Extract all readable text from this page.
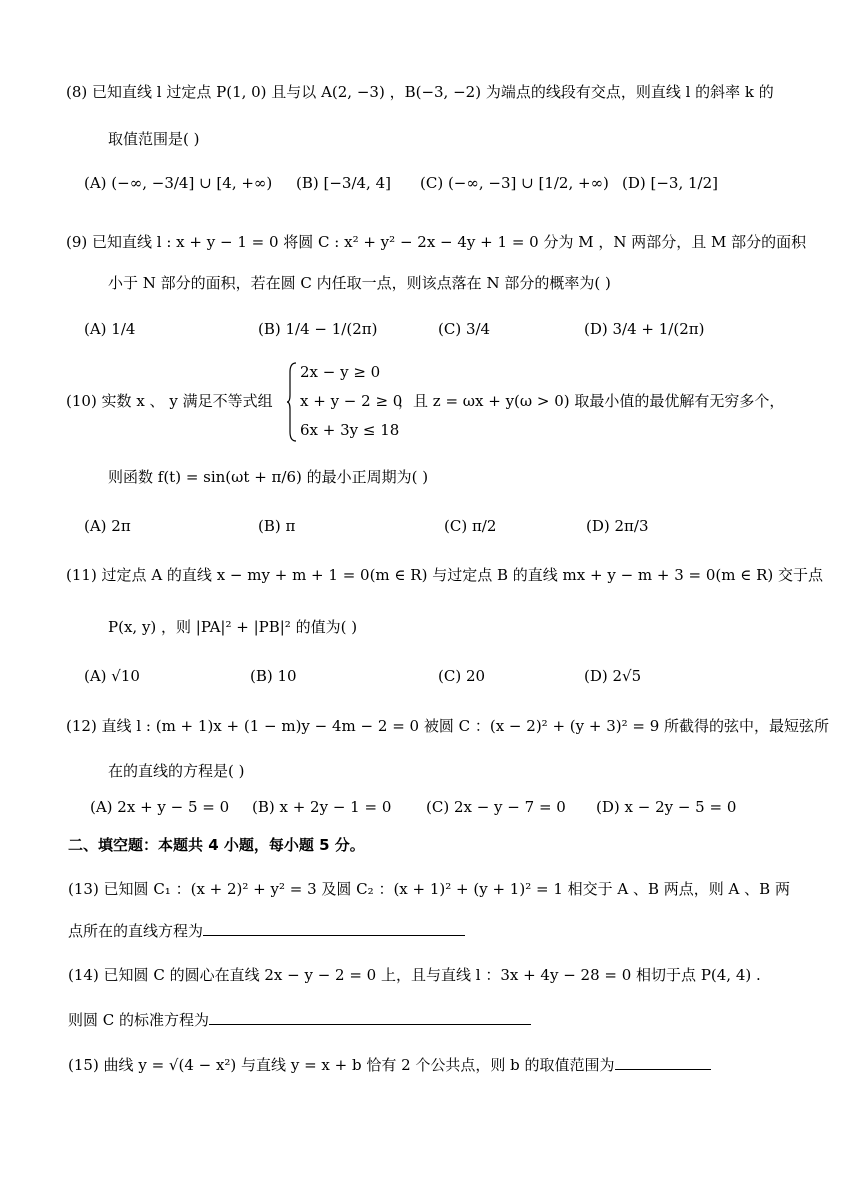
(8) 已知直线 l 过定点 P(1, 0) 且与以 A(2, −3) ，B(−3, −2) 为端点的线段有交点，则直线 l 的斜率 k 的
取值范围是( )
(A) (−∞, −3/4] ∪ [4, +∞) (B) [−3/4, 4] (C) (−∞, −3] ∪ [1/2, +∞) (D) [−3, 1/2]
(9) 已知直线 l : x + y − 1 = 0 将圆 C : x² + y² − 2x − 4y + 1 = 0 分为 M ，N 两部分，且 M 部分的面积
小于 N 部分的面积，若在圆 C 内任取一点，则该点落在 N 部分的概率为( )
(A) 1/4	(B) 1/4 − 1/(2π)	(C) 3/4	(D) 3/4 + 1/(2π)
(10) 实数 x 、 y 满足不等式组
2x − y ≥ 0
x + y − 2 ≥ 0
6x + 3y ≤ 18
，且 z = ωx + y(ω > 0) 取最小值的最优解有无穷多个，
则函数 f(t) = sin(ωt + π/6) 的最小正周期为( )
(A) 2π	(B) π	(C) π/2	(D) 2π/3
(11) 过定点 A 的直线 x − my + m + 1 = 0(m ∈ R) 与过定点 B 的直线 mx + y − m + 3 = 0(m ∈ R) 交于点
P(x, y) ，则 |PA|² + |PB|² 的值为( )
(A) √10	(B) 10	(C) 20	(D) 2√5
(12) 直线 l : (m + 1)x + (1 − m)y − 4m − 2 = 0 被圆 C ：(x − 2)² + (y + 3)² = 9 所截得的弦中，最短弦所
在的直线的方程是( )
(A) 2x + y − 5 = 0 (B) x + 2y − 1 = 0 (C) 2x − y − 7 = 0 (D) x − 2y − 5 = 0
二、填空题：本题共 4 小题，每小题 5 分。
(13) 已知圆 C₁ ：(x + 2)² + y² = 3 及圆 C₂ ：(x + 1)² + (y + 1)² = 1 相交于 A 、B 两点，则 A 、B 两
点所在的直线方程为
(14) 已知圆 C 的圆心在直线 2x − y − 2 = 0 上，且与直线 l ：3x + 4y − 28 = 0 相切于点 P(4, 4) .
则圆 C 的标准方程为
(15) 曲线 y = √(4 − x²) 与直线 y = x + b 恰有 2 个公共点，则 b 的取值范围为
